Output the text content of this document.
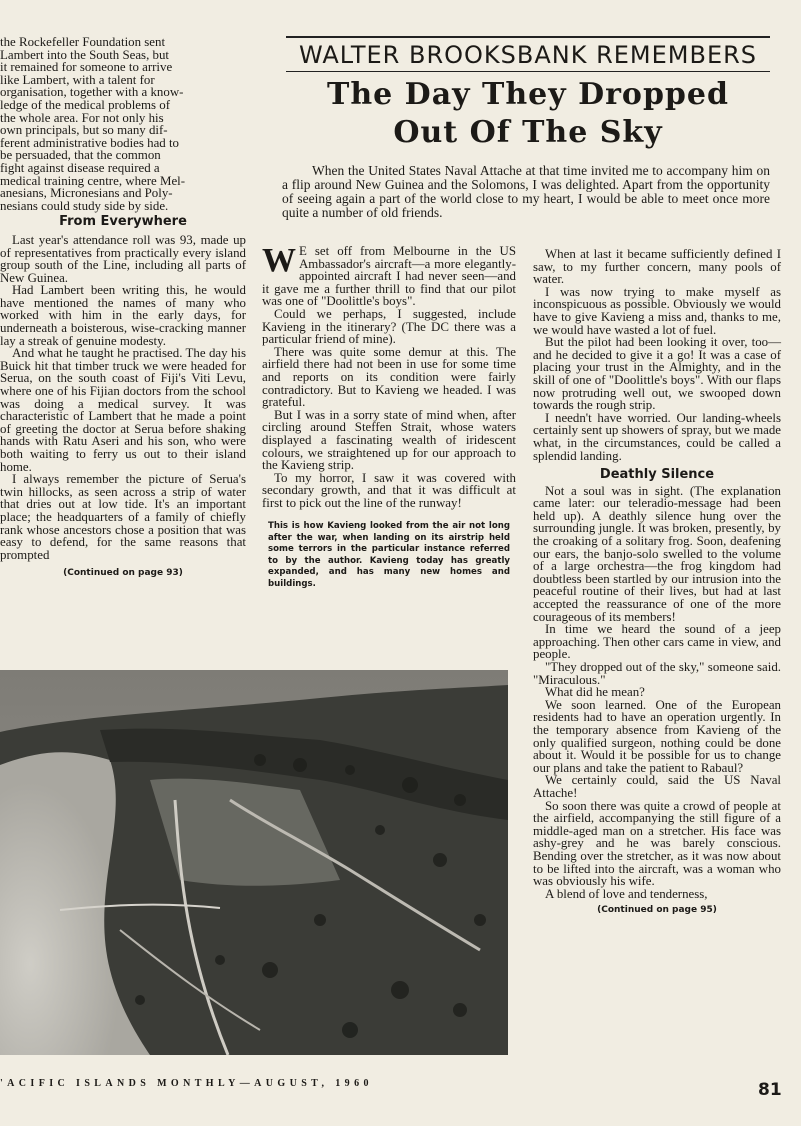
the Rockefeller Foundation sent
Lambert into the South Seas, but
it remained for someone to arrive
like Lambert, with a talent for
organisation, together with a know-
ledge of the medical problems of
the whole area. For not only his
own principals, but so many dif-
ferent administrative bodies had to
be persuaded, that the common
fight against disease required a
medical training centre, where Mel-
anesians, Micronesians and Poly-
nesians could study side by side.
From Everywhere

Last year's attendance roll was 93, made up of representatives from practically every island group south of the Line, including all parts of New Guinea.

Had Lambert been writing this, he would have mentioned the names of many who worked with him in the early days, for underneath a boisterous, wise-cracking manner lay a streak of genuine modesty.

And what he taught he practised. The day his Buick hit that timber truck we were headed for Serua, on the south coast of Fiji's Viti Levu, where one of his Fijian doctors from the school was doing a medical survey. It was characteristic of Lambert that he made a point of greeting the doctor at Serua before shaking hands with Ratu Aseri and his son, who were both waiting to ferry us out to their island home.

I always remember the picture of Serua's twin hillocks, as seen across a strip of water that dries out at low tide. It's an important place; the headquarters of a family of chiefly rank whose ancestors chose a position that was easy to defend, for the same reasons that prompted

(Continued on page 93)
WALTER BROOKSBANK REMEMBERS
The Day They Dropped
Out Of The Sky

When the United States Naval Attache at that time invited me to accompany him on a flip around New Guinea and the Solomons, I was delighted. Apart from the opportunity of seeing again a part of the world close to my heart, I would be able to meet once more quite a number of old friends.

W E set off from Melbourne in the US Ambassador's aircraft—a more elegantly-appointed aircraft I had never seen—and it gave me a further thrill to find that our pilot was one of "Doolittle's boys".

Could we perhaps, I suggested, include Kavieng in the itinerary? (The DC there was a particular friend of mine).

There was quite some demur at this. The airfield there had not been in use for some time and reports on its condition were fairly contradictory. But to Kavieng we headed. I was grateful.

But I was in a sorry state of mind when, after circling around Steffen Strait, whose waters displayed a fascinating wealth of iridescent colours, we straightened up for our approach to the Kavieng strip.

To my horror, I saw it was covered with secondary growth, and that it was difficult at first to pick out the line of the runway!

This is how Kavieng looked from the air not long after the war, when landing on its airstrip held some terrors in the particular instance referred to by the author. Kavieng today has greatly expanded, and has many new homes and buildings.

When at last it became sufficiently defined I saw, to my further concern, many pools of water.

I was now trying to make myself as inconspicuous as possible. Obviously we would have to give Kavieng a miss and, thanks to me, we would have wasted a lot of fuel.

But the pilot had been looking it over, too—and he decided to give it a go! It was a case of placing your trust in the Almighty, and in the skill of one of "Doolittle's boys". With our flaps now protruding well out, we swooped down towards the rough strip.

I needn't have worried. Our landing-wheels certainly sent up showers of spray, but we made what, in the circumstances, could be called a splendid landing.

Deathly Silence

Not a soul was in sight. (The explanation came later: our teleradio-message had been held up). A deathly silence hung over the surrounding jungle. It was broken, presently, by the croaking of a solitary frog. Soon, deafening our ears, the banjo-solo swelled to the volume of a large orchestra—the frog kingdom had doubtless been startled by our intrusion into the peaceful routine of their lives, but had at last accepted the reassurance of one of the more courageous of its members!

In time we heard the sound of a jeep approaching. Then other cars came in view, and people.

"They dropped out of the sky," someone said. "Miraculous."

What did he mean?

We soon learned. One of the European residents had to have an operation urgently. In the temporary absence from Kavieng of the only qualified surgeon, nothing could be done about it. Would it be possible for us to change our plans and take the patient to Rabaul?

We certainly could, said the US Naval Attache!

So soon there was quite a crowd of people at the airfield, accompanying the still figure of a middle-aged man on a stretcher. His face was ashy-grey and he was barely conscious. Bending over the stretcher, as it was now about to be lifted into the aircraft, was a woman who was obviously his wife.

A blend of love and tenderness,

(Continued on page 95)
'ACIFIC ISLANDS MONTHLY—AUGUST, 1960	81
